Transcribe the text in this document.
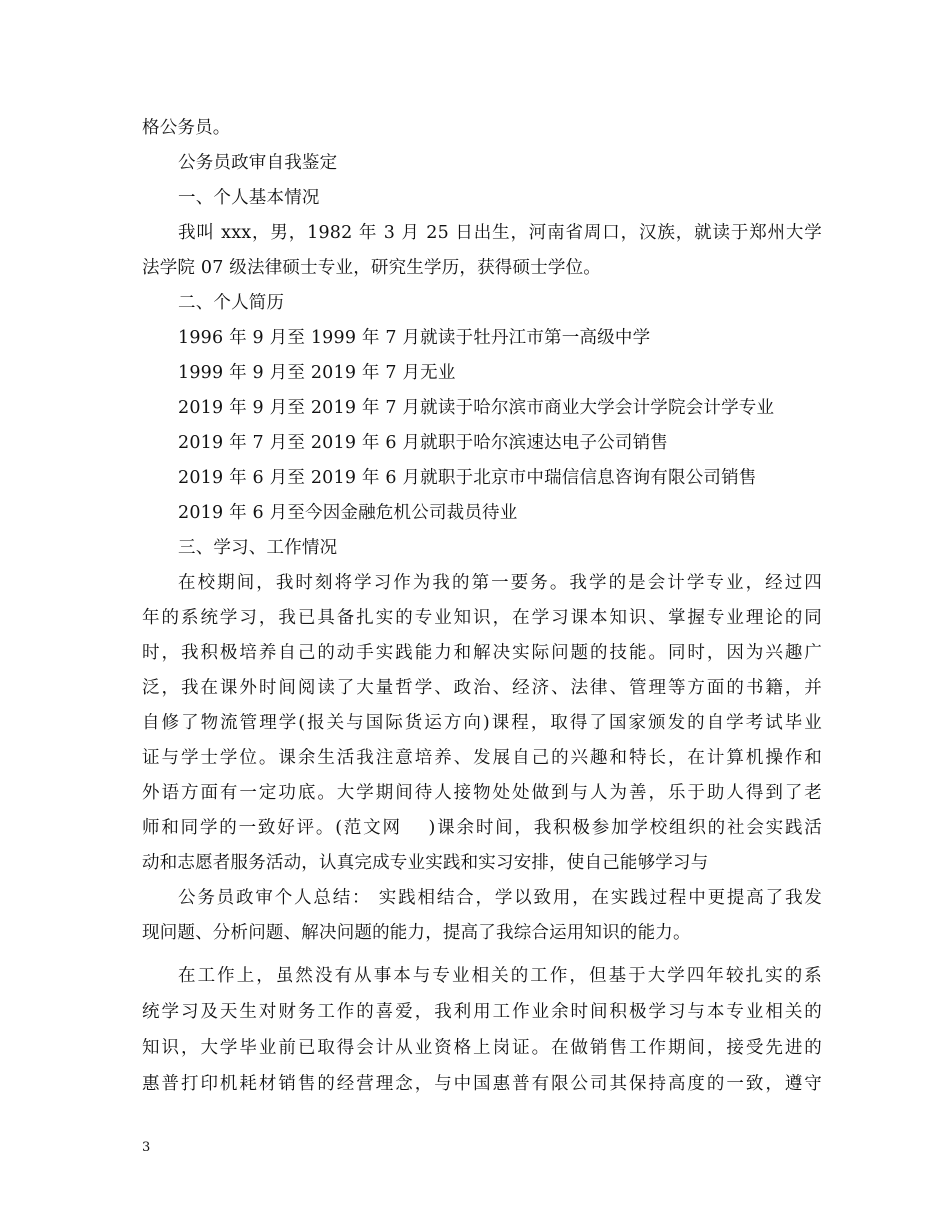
格公务员。
公务员政审自我鉴定
一、个人基本情况
我叫 xxx，男，1982 年 3 月 25 日出生，河南省周口，汉族，就读于郑州大学
法学院 07 级法律硕士专业，研究生学历，获得硕士学位。
二、个人简历
1996 年 9 月至 1999 年 7 月就读于牡丹江市第一高级中学
1999 年 9 月至 2019 年 7 月无业
2019 年 9 月至 2019 年 7 月就读于哈尔滨市商业大学会计学院会计学专业
2019 年 7 月至 2019 年 6 月就职于哈尔滨速达电子公司销售
2019 年 6 月至 2019 年 6 月就职于北京市中瑞信信息咨询有限公司销售
2019 年 6 月至今因金融危机公司裁员待业
三、学习、工作情况
在校期间，我时刻将学习作为我的第一要务。我学的是会计学专业，经过四
年的系统学习，我已具备扎实的专业知识，在学习课本知识、掌握专业理论的同
时，我积极培养自己的动手实践能力和解决实际问题的技能。同时，因为兴趣广
泛，我在课外时间阅读了大量哲学、政治、经济、法律、管理等方面的书籍，并
自修了物流管理学(报关与国际货运方向)课程，取得了国家颁发的自学考试毕业
证与学士学位。课余生活我注意培养、发展自己的兴趣和特长，在计算机操作和
外语方面有一定功底。大学期间待人接物处处做到与人为善，乐于助人得到了老
师和同学的一致好评。(范文网　 )课余时间，我积极参加学校组织的社会实践活
动和志愿者服务活动，认真完成专业实践和实习安排，使自己能够学习与
公务员政审个人总结： 实践相结合，学以致用，在实践过程中更提高了我发
现问题、分析问题、解决问题的能力，提高了我综合运用知识的能力。
在工作上，虽然没有从事本与专业相关的工作，但基于大学四年较扎实的系
统学习及天生对财务工作的喜爱，我利用工作业余时间积极学习与本专业相关的
知识，大学毕业前已取得会计从业资格上岗证。在做销售工作期间，接受先进的
惠普打印机耗材销售的经营理念，与中国惠普有限公司其保持高度的一致，遵守
3
